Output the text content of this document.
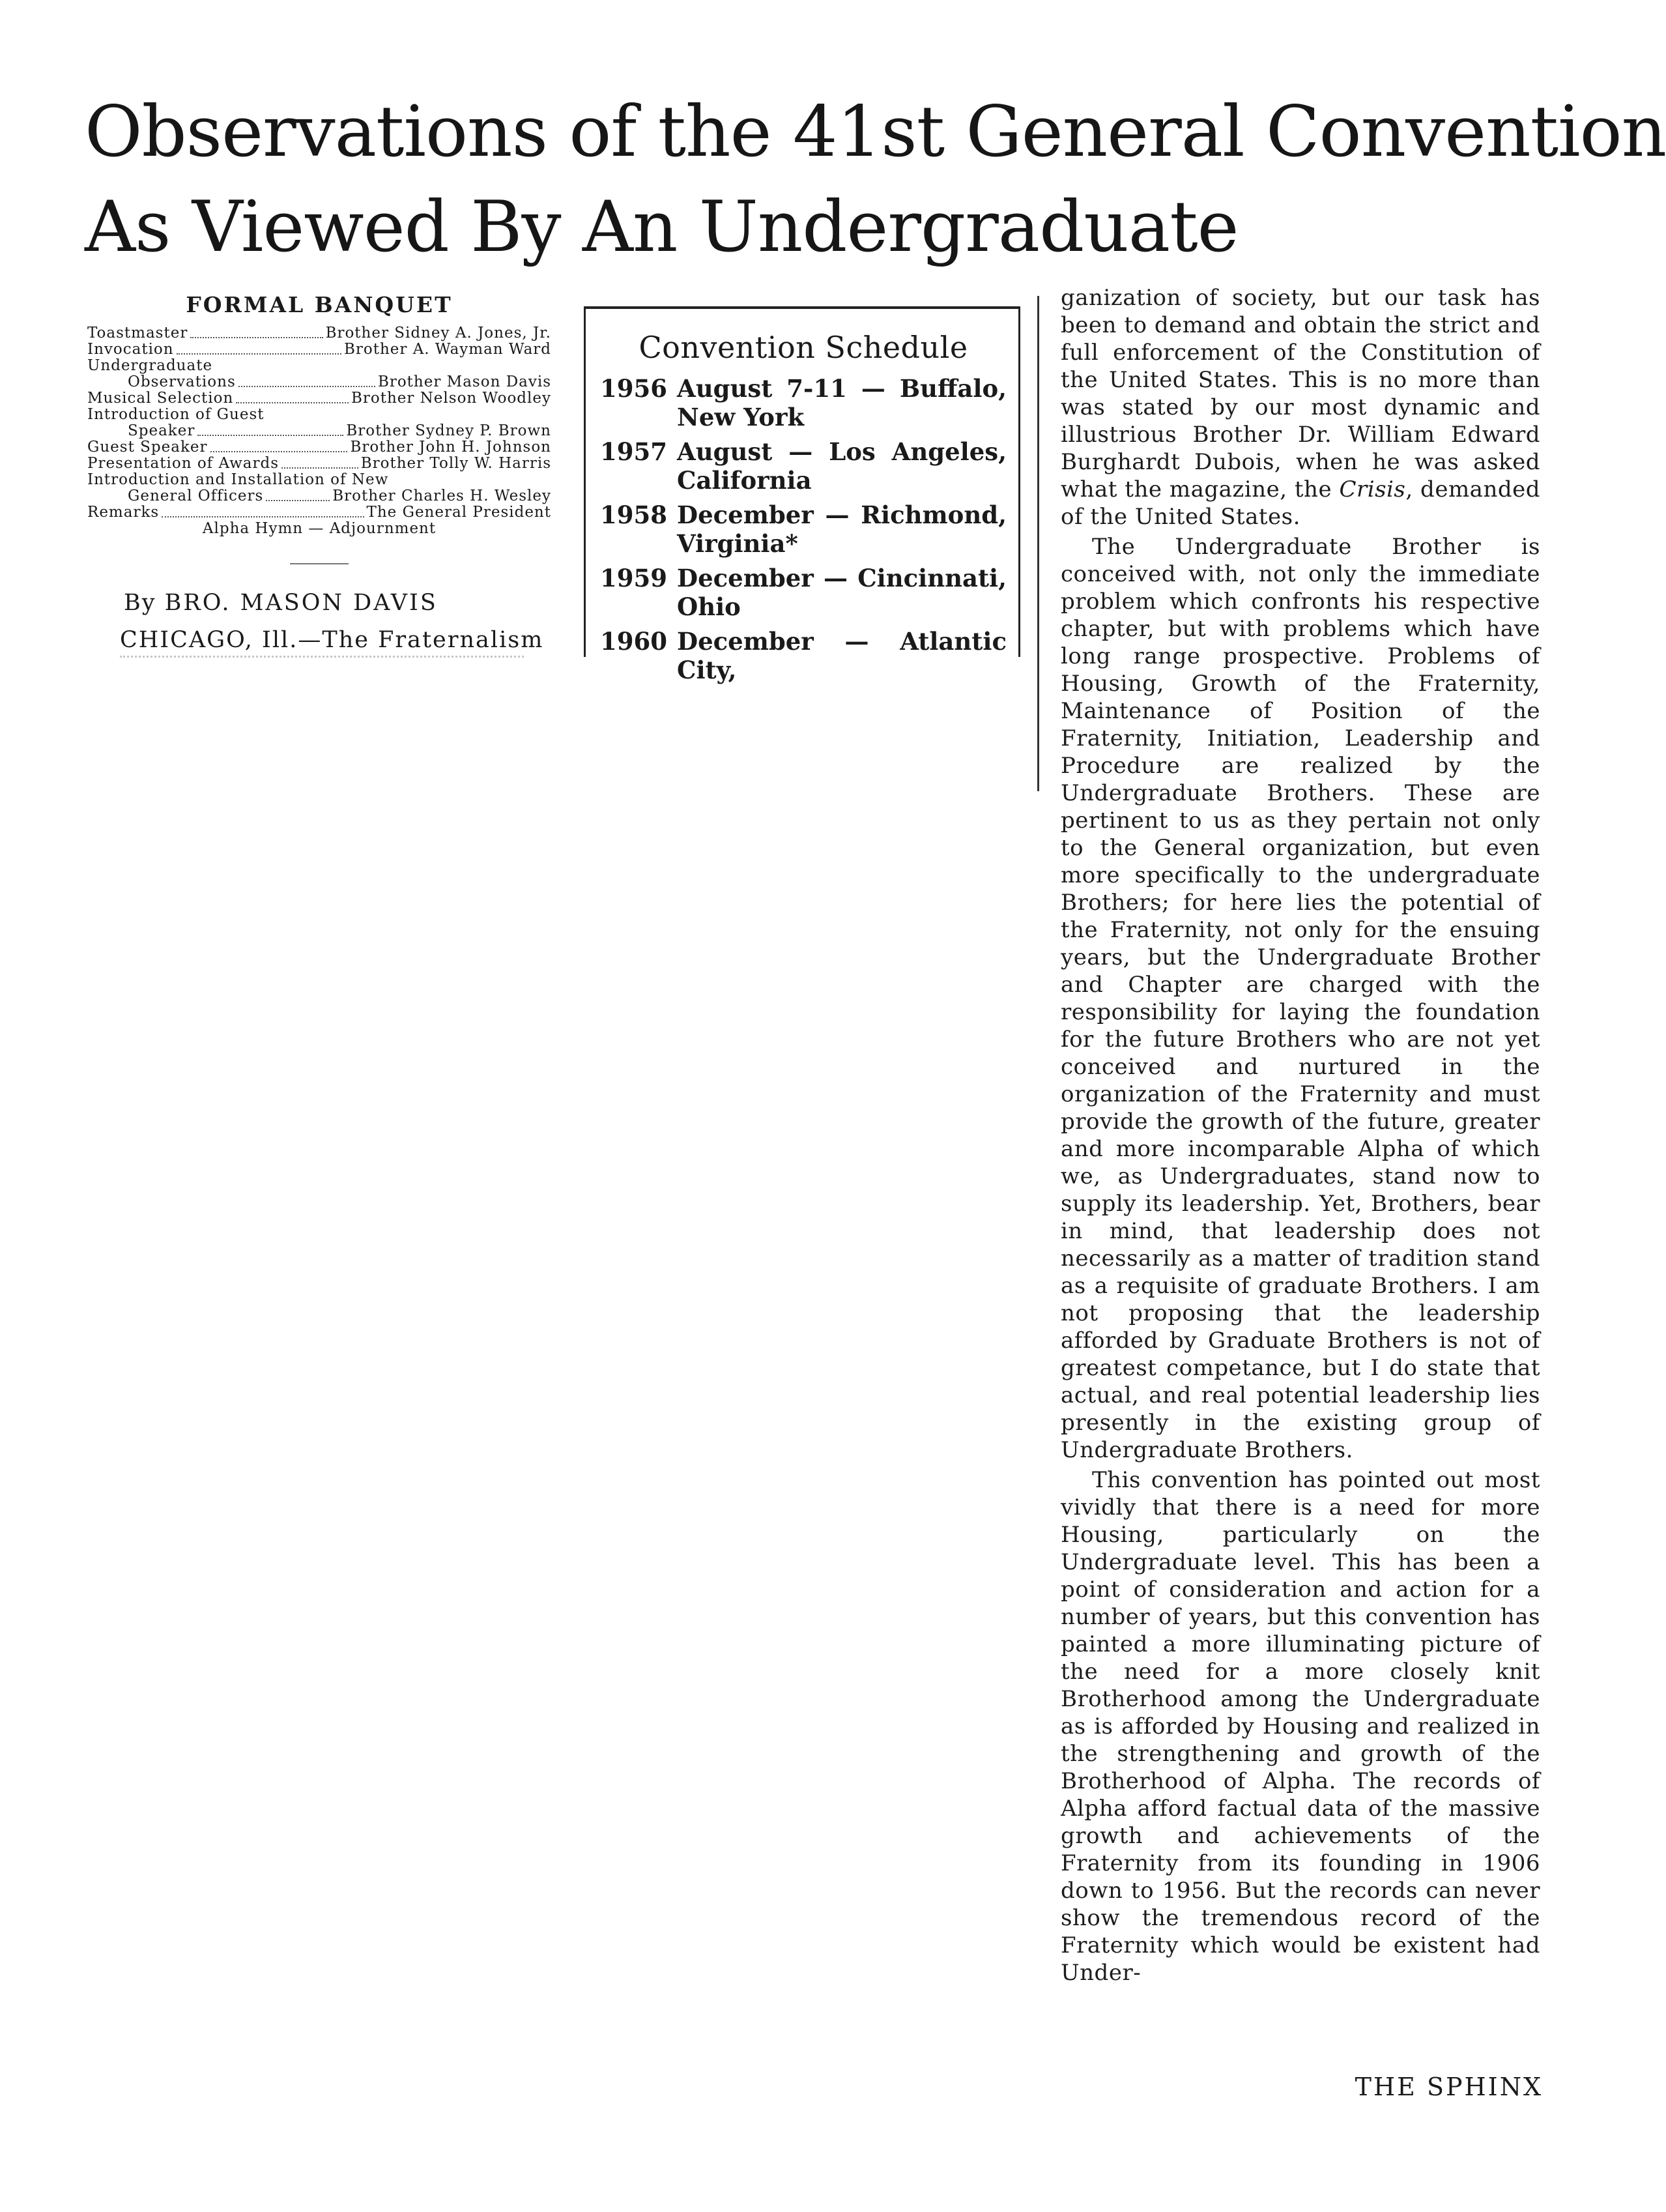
Observations of the 41st General Convention
As Viewed By An Undergraduate
FORMAL BANQUET
Toastmaster	Brother Sidney A. Jones, Jr.
Invocation	Brother A. Wayman Ward
Undergraduate
Observations	Brother Mason Davis
Musical Selection	Brother Nelson Woodley
Introduction of Guest
Speaker	Brother Sydney P. Brown
Guest Speaker	Brother John H. Johnson
Presentation of Awards	Brother Tolly W. Harris
Introduction and Installation of New
General Officers	Brother Charles H. Wesley
Remarks	The General President
Alpha Hymn — Adjournment
By BRO. MASON DAVIS
CHICAGO, Ill.—The Fraternalism
Convention Schedule
1956 August 7-11 — Buffalo, New York
1957 August — Los Angeles, California
1958 December — Richmond, Virginia*
1959 December — Cincinnati, Ohio
1960 December — Atlantic City,

ganization of society, but our task has been to demand and obtain the strict and full enforcement of the Constitution of the United States. This is no more than was stated by our most dynamic and illustrious Brother Dr. William Edward Burghardt Dubois, when he was asked what the magazine, the Crisis, demanded of the United States.

The Undergraduate Brother is conceived with, not only the immediate problem which confronts his respective chapter, but with problems which have long range prospective. Problems of Housing, Growth of the Fraternity, Maintenance of Position of the Fraternity, Initiation, Leadership and Procedure are realized by the Undergraduate Brothers. These are pertinent to us as they pertain not only to the General organization, but even more specifically to the undergraduate Brothers; for here lies the potential of the Fraternity, not only for the ensuing years, but the Undergraduate Brother and Chapter are charged with the responsibility for laying the foundation for the future Brothers who are not yet conceived and nurtured in the organization of the Fraternity and must provide the growth of the future, greater and more incomparable Alpha of which we, as Undergraduates, stand now to supply its leadership. Yet, Brothers, bear in mind, that leadership does not necessarily as a matter of tradition stand as a requisite of graduate Brothers. I am not proposing that the leadership afforded by Graduate Brothers is not of greatest competance, but I do state that actual, and real potential leadership lies presently in the existing group of Undergraduate Brothers.

This convention has pointed out most vividly that there is a need for more Housing, particularly on the Undergraduate level. This has been a point of consideration and action for a number of years, but this convention has painted a more illuminating picture of the need for a more closely knit Brotherhood among the Undergraduate as is afforded by Housing and realized in the strengthening and growth of the Brotherhood of Alpha. The records of Alpha afford factual data of the massive growth and achievements of the Fraternity from its founding in 1906 down to 1956. But the records can never show the tremendous record of the Fraternity which would be existent had Under-

THE SPHINX
